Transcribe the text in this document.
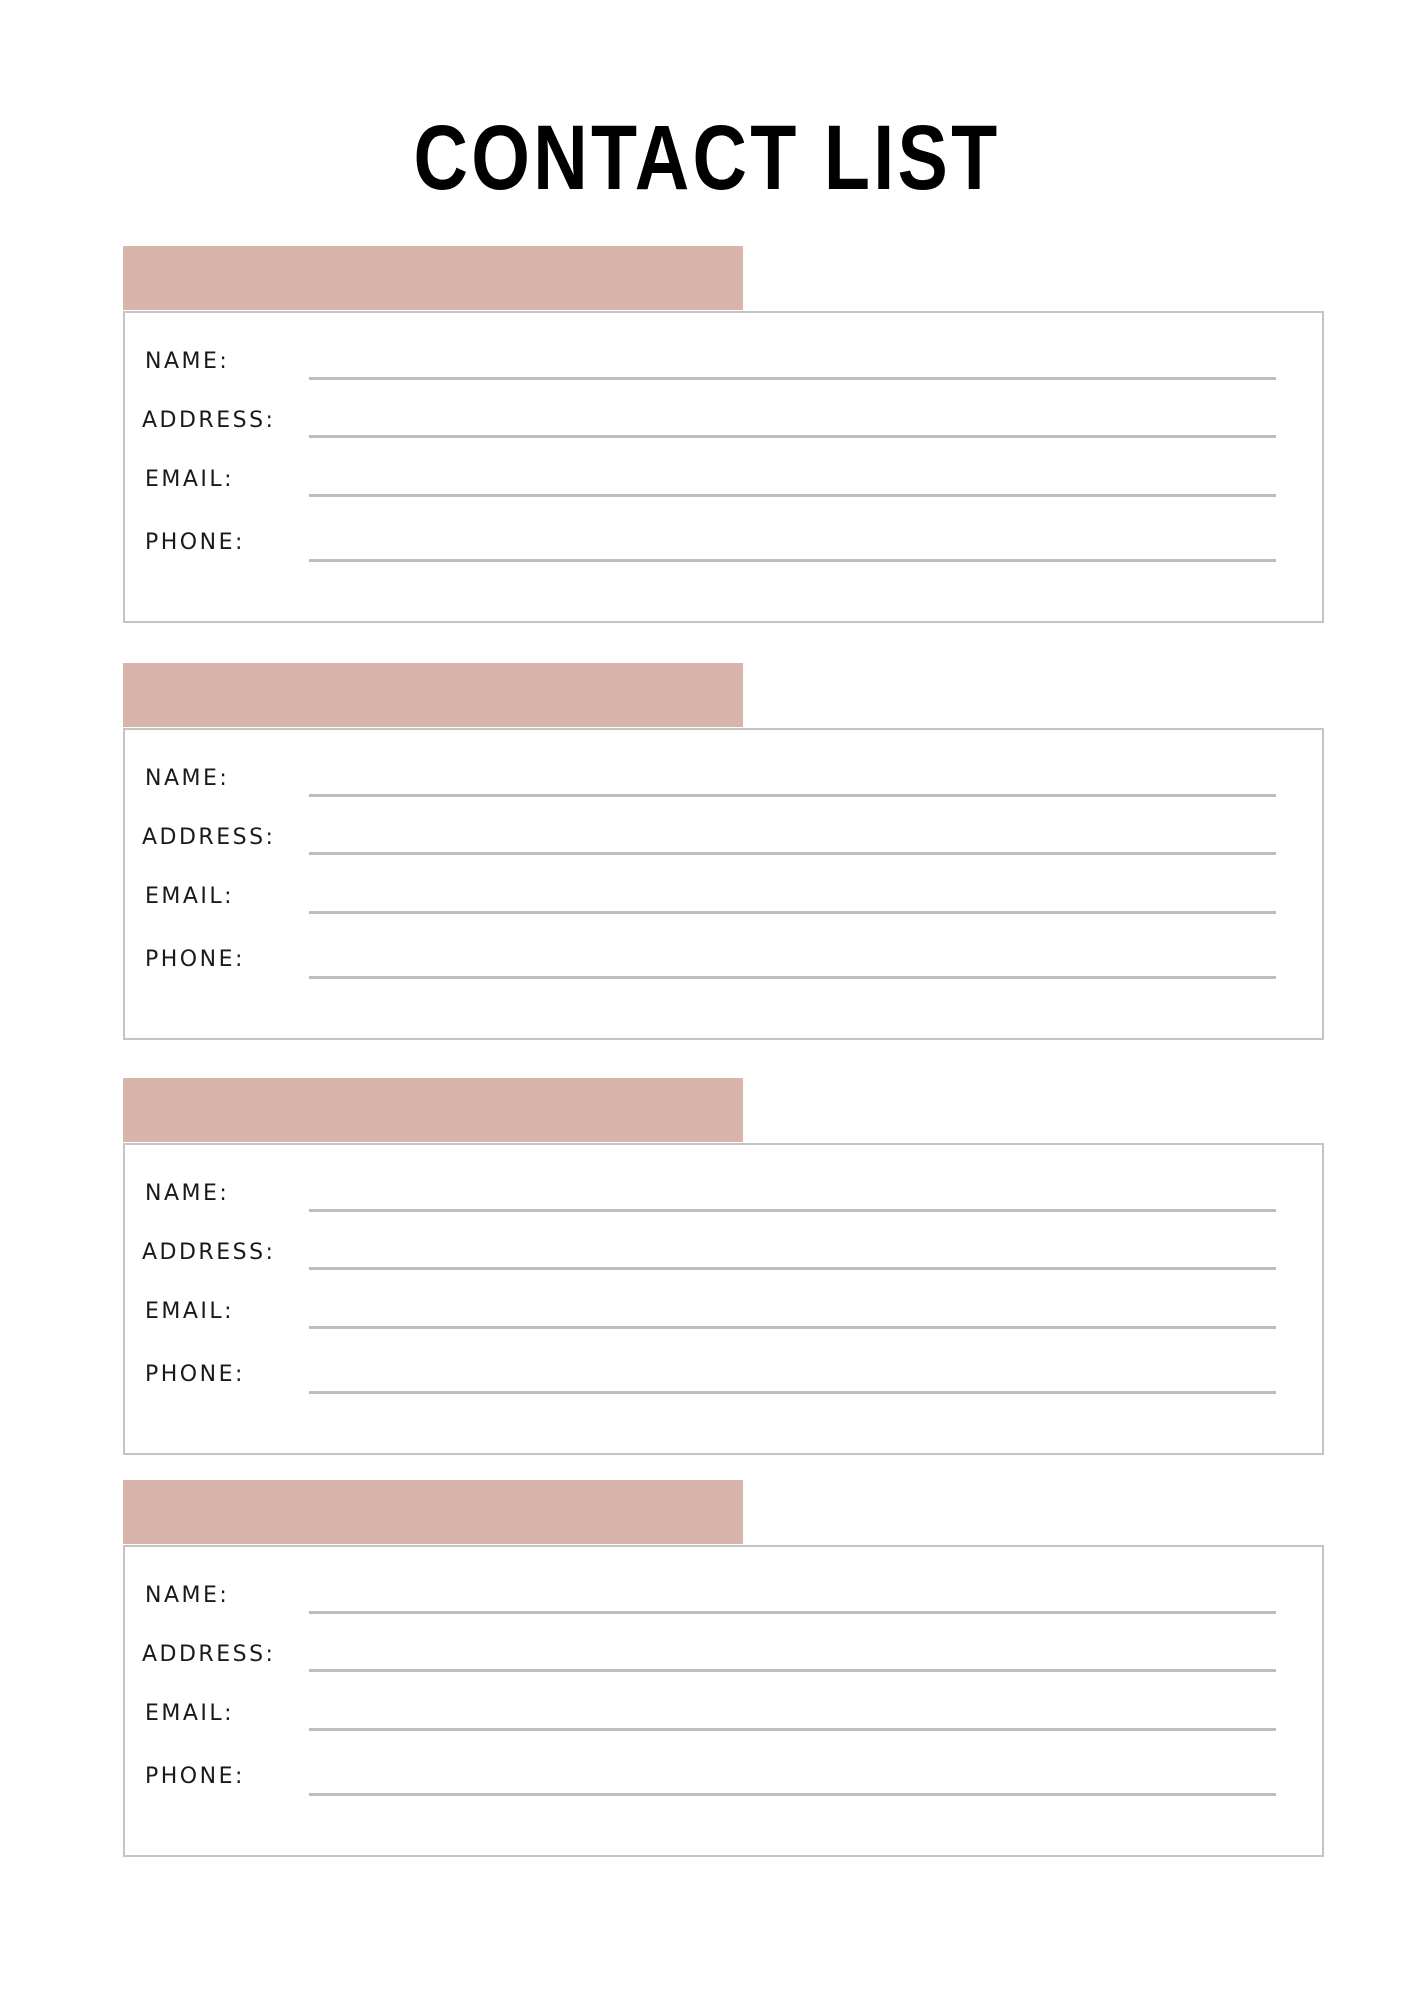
CONTACT LIST
NAME:
ADDRESS:
EMAIL:
PHONE:
NAME:
ADDRESS:
EMAIL:
PHONE:
NAME:
ADDRESS:
EMAIL:
PHONE:
NAME:
ADDRESS:
EMAIL:
PHONE:
